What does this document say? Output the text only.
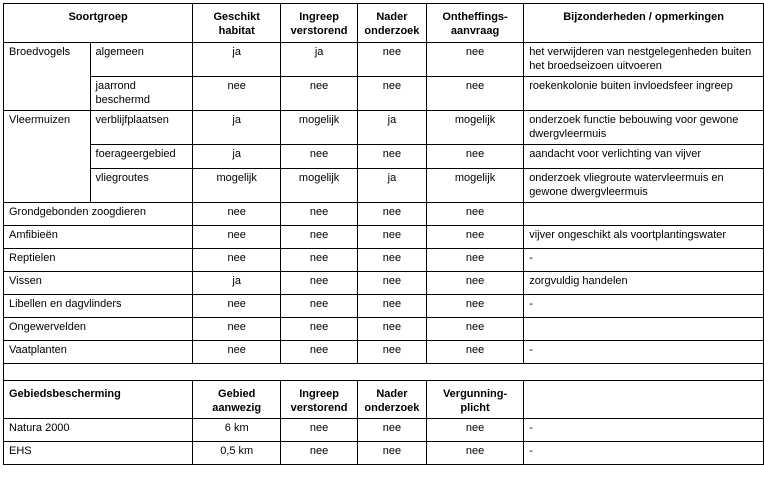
Soortgroep		Geschikt habitat	Ingreep verstorend	Nader onderzoek	Ontheffings-aanvraag	Bijzonderheden / opmerkingen
Broedvogels	algemeen	ja	ja	nee	nee	het verwijderen van nestgelegenheden buiten het broedseizoen uitvoeren
	jaarrond beschermd	nee	nee	nee	nee	roekenkolonie buiten invloedsfeer ingreep
Vleermuizen	verblijfplaatsen	ja	mogelijk	ja	mogelijk	onderzoek functie bebouwing voor gewone dwergvleermuis
	foerageergebied	ja	nee	nee	nee	aandacht voor verlichting van vijver
	vliegroutes	mogelijk	mogelijk	ja	mogelijk	onderzoek vliegroute watervleermuis en gewone dwergvleermuis
Grondgebonden zoogdieren		nee	nee	nee	nee	
Amfibieën		nee	nee	nee	nee	vijver ongeschikt als voortplantingswater
Reptielen		nee	nee	nee	nee	-
Vissen		ja	nee	nee	nee	zorgvuldig handelen
Libellen en dagvlinders		nee	nee	nee	nee	-
Ongewervelden		nee	nee	nee	nee	
Vaatplanten		nee	nee	nee	nee	-

Gebiedsbescherming		Gebied aanwezig	Ingreep verstorend	Nader onderzoek	Vergunning-plicht	
Natura 2000		6 km	nee	nee	nee	-
EHS		0,5 km	nee	nee	nee	-
